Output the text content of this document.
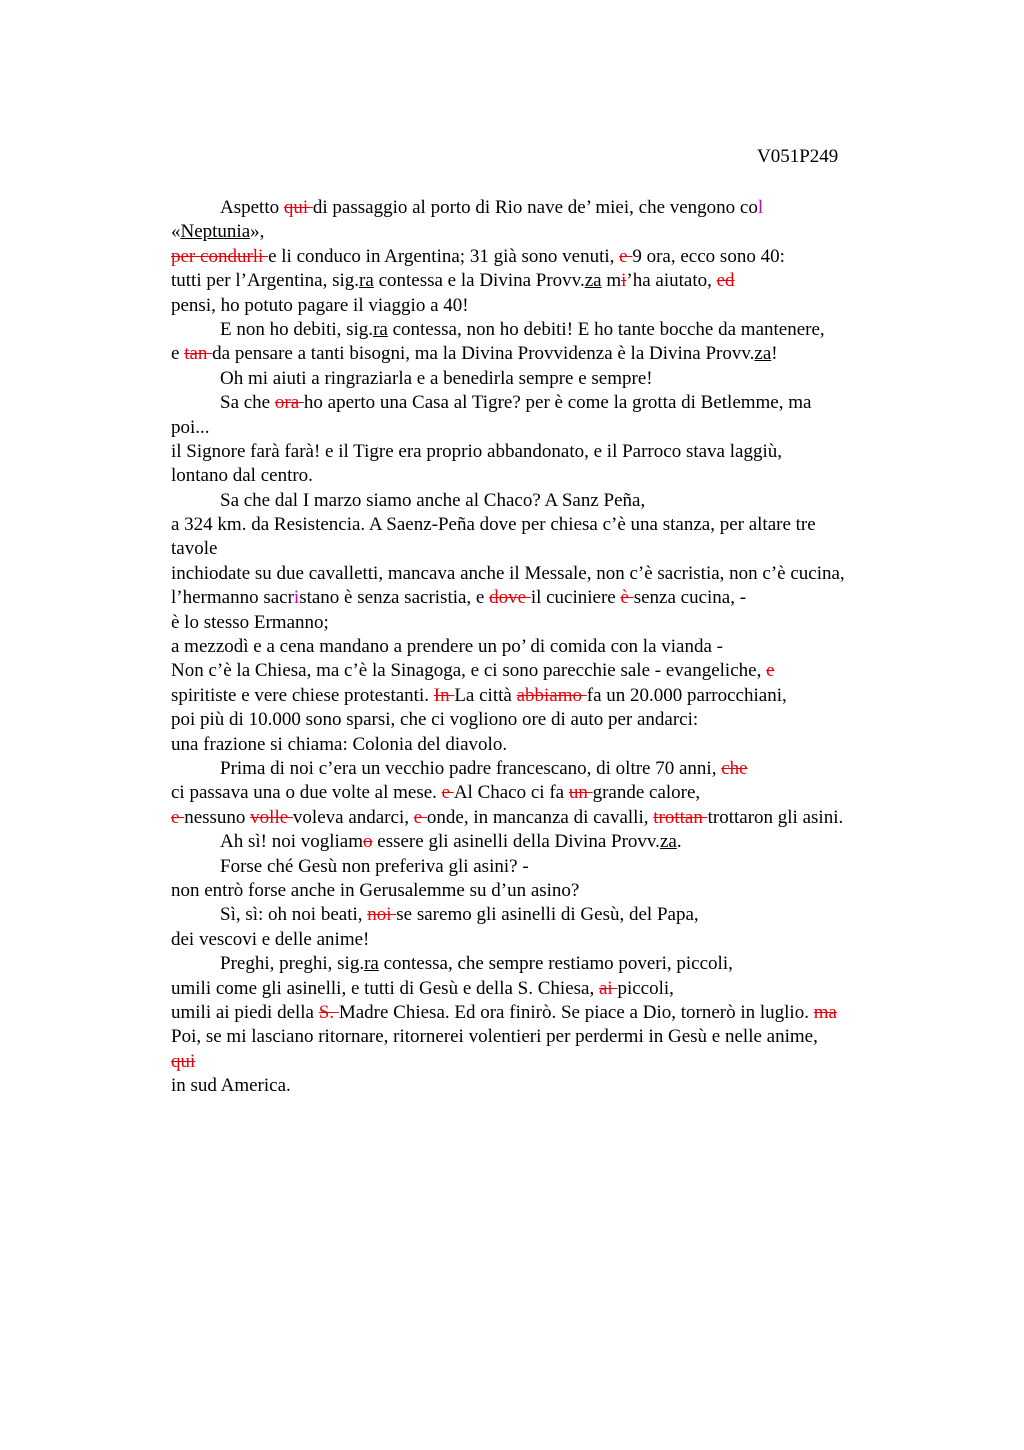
V051P249
Aspetto qui di passaggio al porto di Rio nave de’ miei, che vengono col
«Neptunia»,
per condurli e li conduco in Argentina; 31 già sono venuti, e 9 ora, ecco sono 40:
tutti per l’Argentina, sig.ra contessa e la Divina Provv.za mi’ha aiutato, ed
pensi, ho potuto pagare il viaggio a 40!
E non ho debiti, sig.ra contessa, non ho debiti! E ho tante bocche da mantenere,
e tan da pensare a tanti bisogni, ma la Divina Provvidenza è la Divina Provv.za!
Oh mi aiuti a ringraziarla e a benedirla sempre e sempre!
Sa che ora ho aperto una Casa al Tigre? per è come la grotta di Betlemme, ma
poi...
il Signore farà farà! e il Tigre era proprio abbandonato, e il Parroco stava laggiù,
lontano dal centro.
Sa che dal I marzo siamo anche al Chaco? A Sanz Peña,
a 324 km. da Resistencia. A Saenz-Peña dove per chiesa c’è una stanza, per altare tre
tavole
inchiodate su due cavalletti, mancava anche il Messale, non c’è sacristia, non c’è cucina,
l’hermanno sacristano è senza sacristia, e dove il cuciniere è senza cucina, -
è lo stesso Ermanno;
a mezzodì e a cena mandano a prendere un po’ di comida con la vianda -
Non c’è la Chiesa, ma c’è la Sinagoga, e ci sono parecchie sale - evangeliche, e
spiritiste e vere chiese protestanti. In La città abbiamo fa un 20.000 parrocchiani,
poi più di 10.000 sono sparsi, che ci vogliono ore di auto per andarci:
una frazione si chiama: Colonia del diavolo.
Prima di noi c’era un vecchio padre francescano, di oltre 70 anni, che
ci passava una o due volte al mese. e Al Chaco ci fa un grande calore,
e nessuno volle voleva andarci, e onde, in mancanza di cavalli, trottan trottaron gli asini.
Ah sì! noi vogliamo essere gli asinelli della Divina Provv.za.
Forse ché Gesù non preferiva gli asini? -
non entrò forse anche in Gerusalemme su d’un asino?
Sì, sì: oh noi beati, noi se saremo gli asinelli di Gesù, del Papa,
dei vescovi e delle anime!
Preghi, preghi, sig.ra contessa, che sempre restiamo poveri, piccoli,
umili come gli asinelli, e tutti di Gesù e della S. Chiesa, ai piccoli,
umili ai piedi della S. Madre Chiesa. Ed ora finirò. Se piace a Dio, tornerò in luglio. ma
Poi, se mi lasciano ritornare, ritornerei volentieri per perdermi in Gesù e nelle anime,
qui
in sud America.
